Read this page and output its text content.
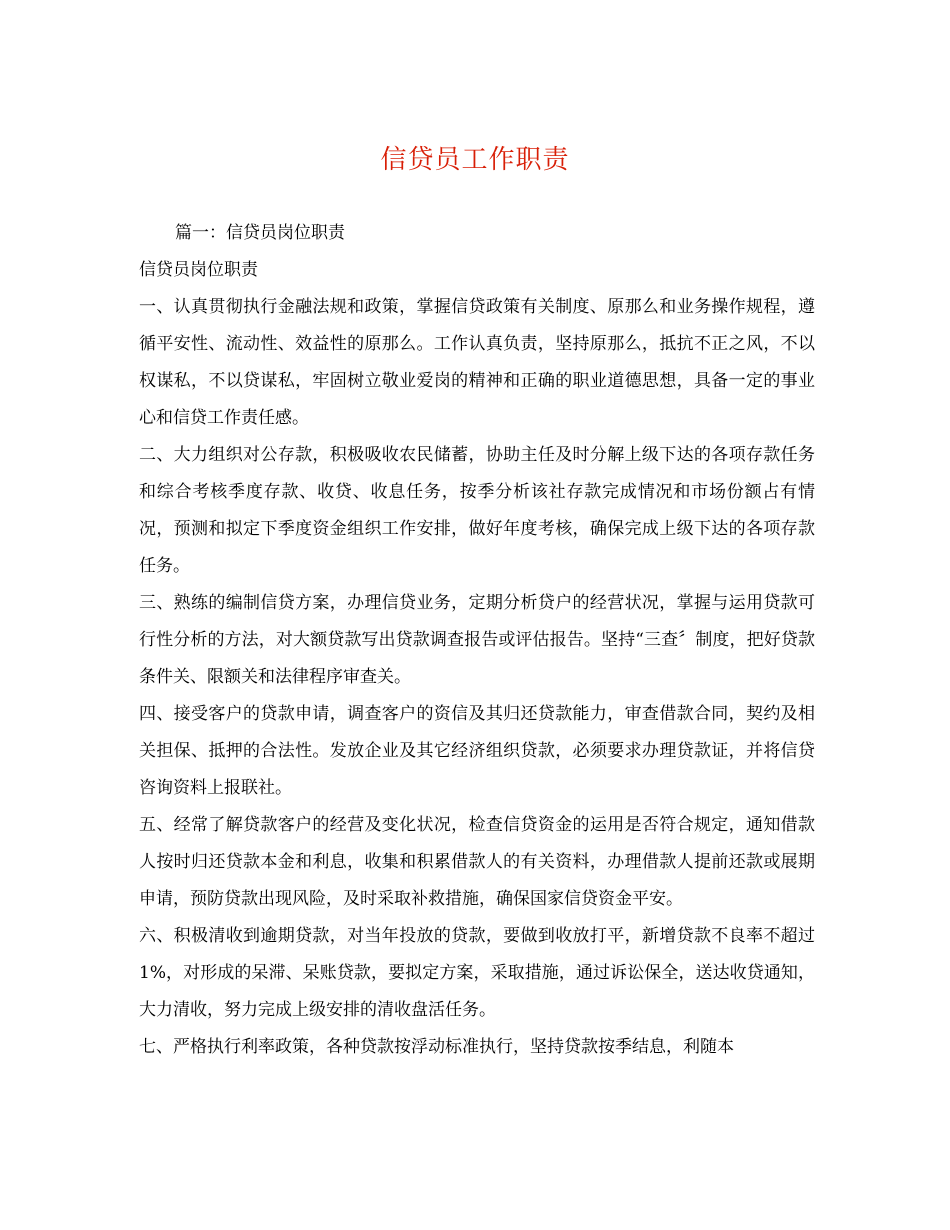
信贷员工作职责

篇一：信贷员岗位职责

信贷员岗位职责

一、认真贯彻执行金融法规和政策，掌握信贷政策有关制度、原那么和业务操作规程，遵循平安性、流动性、效益性的原那么。工作认真负责，坚持原那么，抵抗不正之风，不以权谋私，不以贷谋私，牢固树立敬业爱岗的精神和正确的职业道德思想，具备一定的事业心和信贷工作责任感。

二、大力组织对公存款，积极吸收农民储蓄，协助主任及时分解上级下达的各项存款任务和综合考核季度存款、收贷、收息任务，按季分析该社存款完成情况和市场份额占有情况，预测和拟定下季度资金组织工作安排，做好年度考核，确保完成上级下达的各项存款任务。

三、熟练的编制信贷方案，办理信贷业务，定期分析贷户的经营状况，掌握与运用贷款可行性分析的方法，对大额贷款写出贷款调查报告或评估报告。坚持“三查〞制度，把好贷款条件关、限额关和法律程序审查关。

四、接受客户的贷款申请，调查客户的资信及其归还贷款能力，审查借款合同，契约及相关担保、抵押的合法性。发放企业及其它经济组织贷款，必须要求办理贷款证，并将信贷咨询资料上报联社。

五、经常了解贷款客户的经营及变化状况，检查信贷资金的运用是否符合规定，通知借款人按时归还贷款本金和利息，收集和积累借款人的有关资料，办理借款人提前还款或展期申请，预防贷款出现风险，及时采取补救措施，确保国家信贷资金平安。

六、积极清收到逾期贷款，对当年投放的贷款，要做到收放打平，新增贷款不良率不超过1%，对形成的呆滞、呆账贷款，要拟定方案，采取措施，通过诉讼保全，送达收贷通知，大力清收，努力完成上级安排的清收盘活任务。

七、严格执行利率政策，各种贷款按浮动标准执行，坚持贷款按季结息，利随本
